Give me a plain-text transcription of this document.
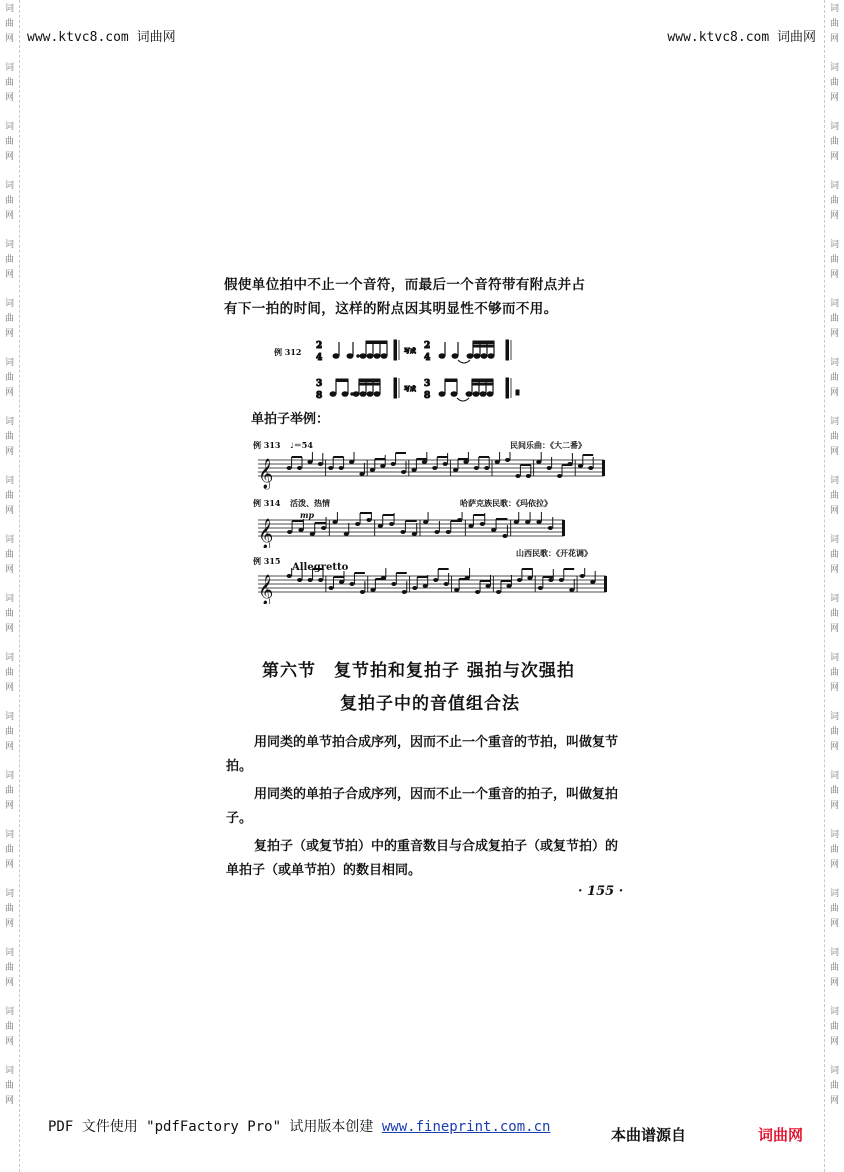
词
曲
网
词
曲
网
词
曲
网
词
曲
网
词
曲
网
词
曲
网
词
曲
网
词
曲
网
词
曲
网
词
曲
网
词
曲
网
词
曲
网
词
曲
网
词
曲
网
词
曲
网
词
曲
网
词
曲
网
词
曲
网
词
曲
网
词
曲
网
词
曲
网
词
曲
网
词
曲
网
词
曲
网
词
曲
网
词
曲
网
词
曲
网
词
曲
网
词
曲
网
词
曲
网
词
曲
网
词
曲
网
词
曲
网
词
曲
网
词
曲
网
词
曲
网
词
曲
网
词
曲
网
www.ktvc8.com 词曲网	www.ktvc8.com 词曲网
假使单位拍中不止一个音符，而最后一个音符带有附点并占
有下一拍的时间，这样的附点因其明显性不够而不用。
例 312
2
4
写成
2
4
3
8
写成
3
8
单拍子举例：
例 313 ♩＝54	民间乐曲：《大二番》
𝄞
例 314 活泼、热情
mp
哈萨克族民歌：《玛依拉》
𝄞
例 315
Allegretto
山西民歌：《开花调》
𝄞
第六节　复节拍和复拍子 强拍与次强拍
复拍子中的音值组合法

用同类的单节拍合成序列，因而不止一个重音的节拍，叫做复节拍。

用同类的单拍子合成序列，因而不止一个重音的拍子，叫做复拍子。

复拍子（或复节拍）中的重音数目与合成复拍子（或复节拍）的单拍子（或单节拍）的数目相同。

· 155 ·
PDF 文件使用 "pdfFactory Pro" 试用版本创建 www.fineprint.com.cn	本曲谱源自	词曲网
